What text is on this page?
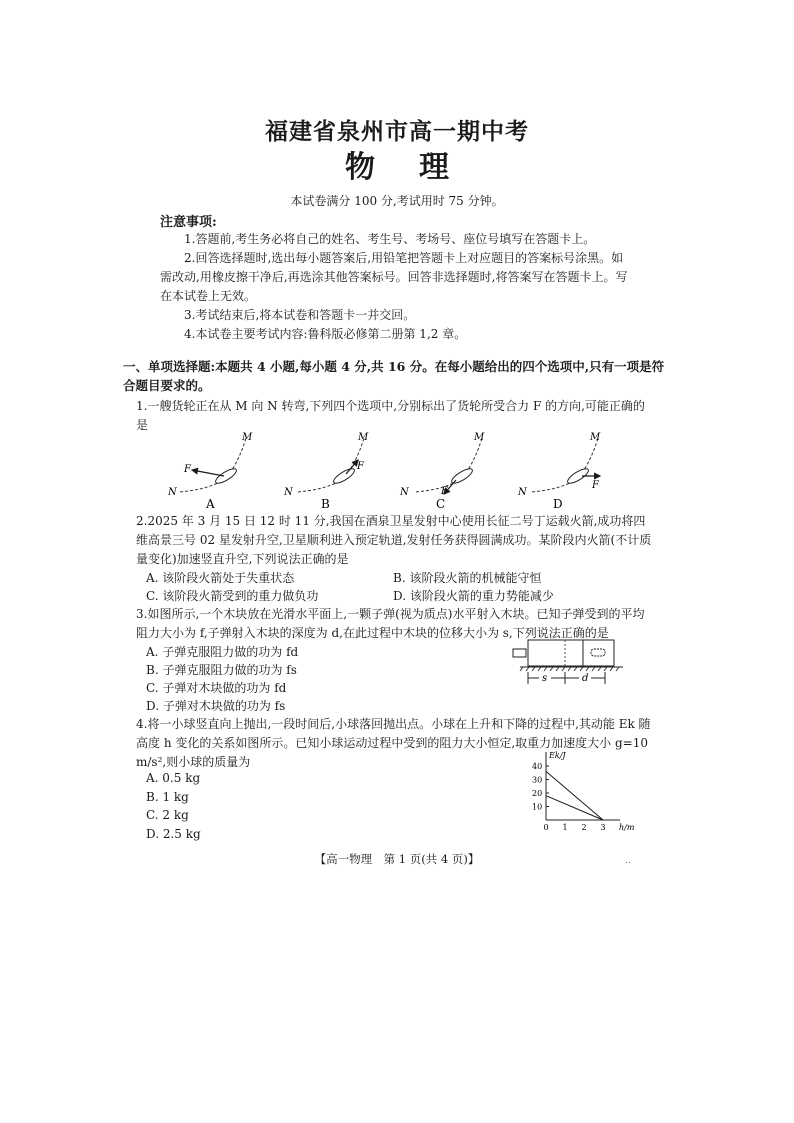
福建省泉州市高一期中考
物 理
本试卷满分 100 分,考试用时 75 分钟。
注意事项:
1.答题前,考生务必将自己的姓名、考生号、考场号、座位号填写在答题卡上。
2.回答选择题时,选出每小题答案后,用铅笔把答题卡上对应题目的答案标号涂黑。如需改动,用橡皮擦干净后,再选涂其他答案标号。回答非选择题时,将答案写在答题卡上。写在本试卷上无效。
3.考试结束后,将本试卷和答题卡一并交回。
4.本试卷主要考试内容:鲁科版必修第二册第 1,2 章。
一、单项选择题:本题共 4 小题,每小题 4 分,共 16 分。在每小题给出的四个选项中,只有一项是符合题目要求的。
1.一艘货轮正在从 M 向 N 转弯,下列四个选项中,分别标出了货轮所受合力 F 的方向,可能正确的是
F
N
M
A
F
N
M
B
F
N
M
C
F
N
M
D
2.2025 年 3 月 15 日 12 时 11 分,我国在酒泉卫星发射中心使用长征二号丁运载火箭,成功将四维高景三号 02 星发射升空,卫星顺利进入预定轨道,发射任务获得圆满成功。某阶段内火箭(不计质量变化)加速竖直升空,下列说法正确的是
A. 该阶段火箭处于失重状态	B. 该阶段火箭的机械能守恒
C. 该阶段火箭受到的重力做负功	D. 该阶段火箭的重力势能减少
3.如图所示,一个木块放在光滑水平面上,一颗子弹(视为质点)水平射入木块。已知子弹受到的平均阻力大小为 f,子弹射入木块的深度为 d,在此过程中木块的位移大小为 s,下列说法正确的是
A. 子弹克服阻力做的功为 fd
B. 子弹克服阻力做的功为 fs
C. 子弹对木块做的功为 fd
D. 子弹对木块做的功为 fs
s	d
4.将一小球竖直向上抛出,一段时间后,小球落回抛出点。小球在上升和下降的过程中,其动能 Ek 随高度 h 变化的关系如图所示。已知小球运动过程中受到的阻力大小恒定,取重力加速度大小 g=10 m/s²,则小球的质量为
A. 0.5 kg
B. 1 kg
C. 2 kg
D. 2.5 kg
Ek/J
h/m
40
30
20
10
0 1 2 3
【高一物理　第 1 页(共 4 页)】	..
